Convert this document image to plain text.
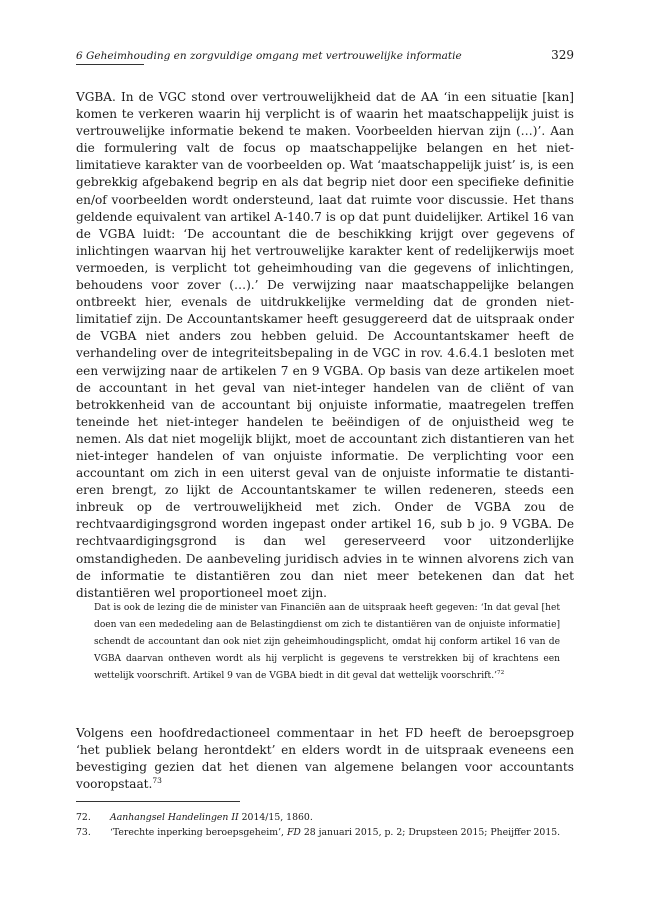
6 Geheimhouding en zorgvuldige omgang met vertrouwelijke informatie	329

VGBA. In de VGC stond over vertrouwelijkheid dat de AA ‘in een situatie [kan] komen te verkeren waarin hij verplicht is of waarin het maatschappelijk juist is vertrouwelijke informatie bekend te maken. Voorbeelden hiervan zijn (…)’. Aan die formulering valt de focus op maatschappelijke belangen en het niet-limitatieve karakter van de voorbeelden op. Wat ‘maatschappelijk juist’ is, is een gebrekkig afgebakend begrip en als dat begrip niet door een specifieke definitie en/of voorbeelden wordt ondersteund, laat dat ruimte voor discussie. Het thans geldende equivalent van artikel A-140.7 is op dat punt duidelijker. Artikel 16 van de VGBA luidt: ‘De accountant die de beschikking krijgt over gegevens of inlichtingen waarvan hij het vertrouwelijke karakter kent of redelijkerwijs moet vermoeden, is verplicht tot geheimhouding van die gegevens of inlichtingen, behoudens voor zover (…).’ De verwijzing naar maatschappelijke belangen ontbreekt hier, evenals de uitdrukkelijke vermelding dat de gronden niet-limitatief zijn. De Accountantskamer heeft gesuggereerd dat de uitspraak onder de VGBA niet anders zou hebben geluid. De Accountantskamer heeft de verhandeling over de integriteitsbepaling in de VGC in rov. 4.6.4.1 besloten met een verwijzing naar de artikelen 7 en 9 VGBA. Op basis van deze artikelen moet de accountant in het geval van niet-integer handelen van de cliënt of van betrokkenheid van de accountant bij onjuiste informatie, maatregelen treffen teneinde het niet-integer handelen te beëindigen of de onjuistheid weg te nemen. Als dat niet mogelijk blijkt, moet de accountant zich distantieren van het niet-integer handelen of van onjuiste informatie. De verplichting voor een accountant om zich in een uiterst geval van de onjuiste informatie te distantieren brengt, zo lijkt de Accountantskamer te willen redeneren, steeds een inbreuk op de vertrouwelijkheid met zich. Onder de VGBA zou de rechtvaardigingsgrond worden ingepast onder artikel 16, sub b jo. 9 VGBA. De rechtvaardigingsgrond is dan wel gereserveerd voor uitzonderlijke omstandigheden. De aanbeveling juridisch advies in te winnen alvorens zich van de informatie te distantiëren zou dan niet meer betekenen dan dat het distantiëren wel proportioneel moet zijn.

Dat is ook de lezing die de minister van Financiën aan de uitspraak heeft gegeven: ‘In dat geval [het doen van een mededeling aan de Belastingdienst om zich te distantiëren van de onjuiste informatie] schendt de accountant dan ook niet zijn geheimhoudingsplicht, omdat hij conform artikel 16 van de VGBA daarvan ontheven wordt als hij verplicht is gegevens te verstrekken bij of krachtens een wettelijk voorschrift. Artikel 9 van de VGBA biedt in dit geval dat wettelijk voorschrift.’$^{72}$
Volgens een hoofdredactioneel commentaar in het FD heeft de beroepsgroep ‘het publiek belang herontdekt’ en elders wordt in de uitspraak eveneens een bevestiging gezien dat het dienen van algemene belangen voor accountants vooropstaat.$^{73}$
72.	Aanhangsel Handelingen II 2014/15, 1860.
73.	‘Terechte inperking beroepsgeheim’, FD 28 januari 2015, p. 2; Drupsteen 2015; Pheijffer 2015.
